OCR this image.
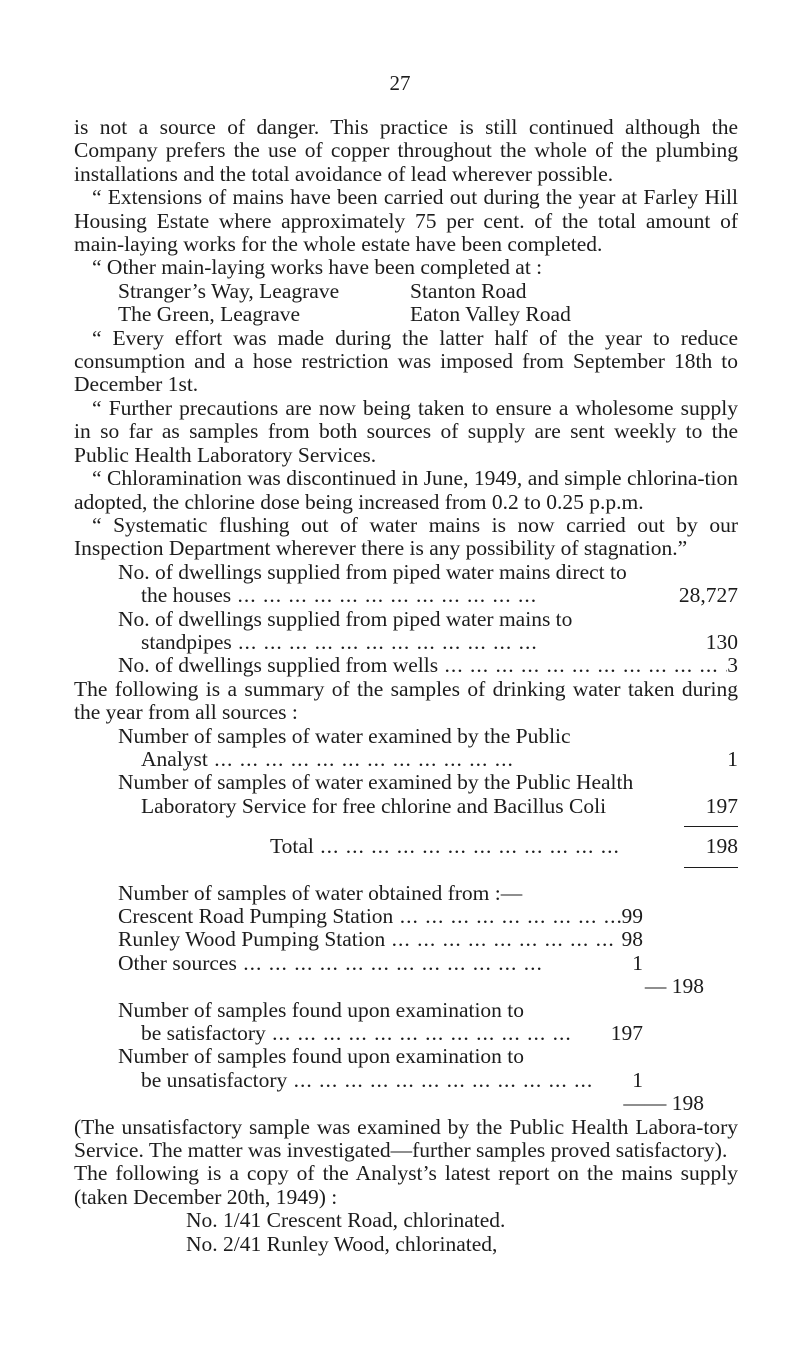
27

is not a source of danger. This practice is still continued although the Company prefers the use of copper throughout the whole of the plumbing installations and the total avoidance of lead wherever possible.

“ Extensions of mains have been carried out during the year at Farley Hill Housing Estate where approximately 75 per cent. of the total amount of main-laying works for the whole estate have been completed.

“ Other main-laying works have been completed at :

Stranger’s Way, Leagrave	Stanton Road
The Green, Leagrave	Eaton Valley Road

“ Every effort was made during the latter half of the year to reduce consumption and a hose restriction was imposed from September 18th to December 1st.

“ Further precautions are now being taken to ensure a wholesome supply in so far as samples from both sources of supply are sent weekly to the Public Health Laboratory Services.

“ Chloramination was discontinued in June, 1949, and simple chlorina-tion adopted, the chlorine dose being increased from 0.2 to 0.25 p.p.m.

“ Systematic flushing out of water mains is now carried out by our Inspection Department wherever there is any possibility of stagnation.”

No. of dwellings supplied from piped water mains direct to
the houses ... .	28,727
No. of dwellings supplied from piped water mains to
standpipes ... .	130
No. of dwellings supplied from wells ... .	3

The following is a summary of the samples of drinking water taken during the year from all sources :

Number of samples of water examined by the Public
Analyst ... .	1
Number of samples of water examined by the Public Health
Laboratory Service for free chlorine and Bacillus Coli	197
Total ... .	198
Number of samples of water obtained from :—
Crescent Road Pumping Station ... .	99
Runley Wood Pumping Station ... .	98
Other sources ... .	1
— 198
Number of samples found upon examination to
be satisfactory ... .	197
Number of samples found upon examination to
be unsatisfactory ... .	1
—— 198

(The unsatisfactory sample was examined by the Public Health Labora-tory Service. The matter was investigated—further samples proved satisfactory).

The following is a copy of the Analyst’s latest report on the mains supply (taken December 20th, 1949) :

No. 1/41 Crescent Road, chlorinated.
No. 2/41 Runley Wood, chlorinated,
